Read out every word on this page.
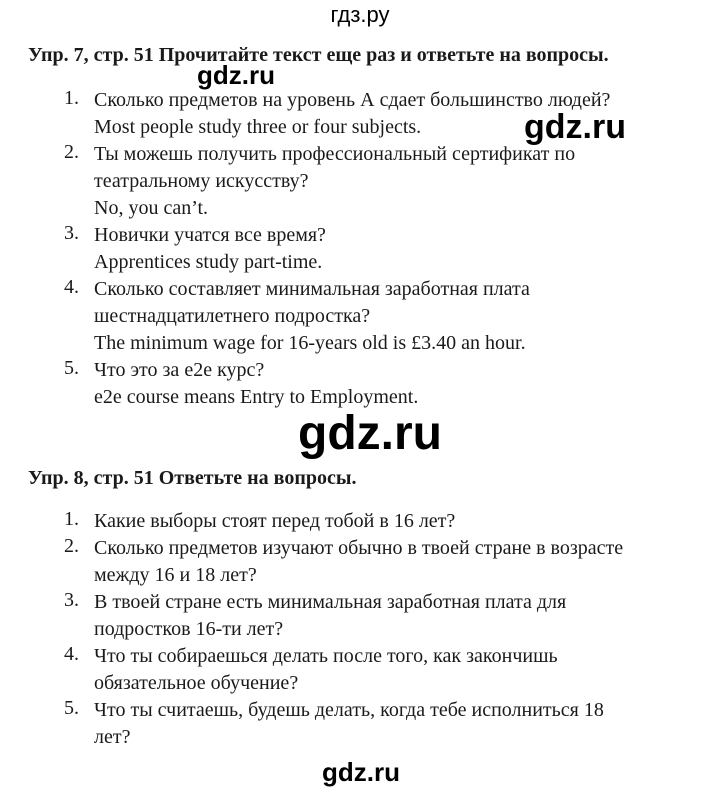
гдз.ру
Упр. 7, стр. 51 Прочитайте текст еще раз и ответьте на вопросы.
gdz.ru
gdz.ru
1. Сколько предметов на уровень А сдает большинство людей?
Most people study three or four subjects.
2. Ты можешь получить профессиональный сертификат по
театральному искусству?
No, you can’t.
3. Новички учатся все время?
Apprentices study part-time.
4. Сколько составляет минимальная заработная плата
шестнадцатилетнего подростка?
The minimum wage for 16-years old is £3.40 an hour.
5. Что это за e2e курс?
e2e course means Entry to Employment.
gdz.ru
Упр. 8, стр. 51 Ответьте на вопросы.
1. Какие выборы стоят перед тобой в 16 лет?
2. Сколько предметов изучают обычно в твоей стране в возрасте
между 16 и 18 лет?
3. В твоей стране есть минимальная заработная плата для
подростков 16-ти лет?
4. Что ты собираешься делать после того, как закончишь
обязательное обучение?
5. Что ты считаешь, будешь делать, когда тебе исполниться 18
лет?
gdz.ru
